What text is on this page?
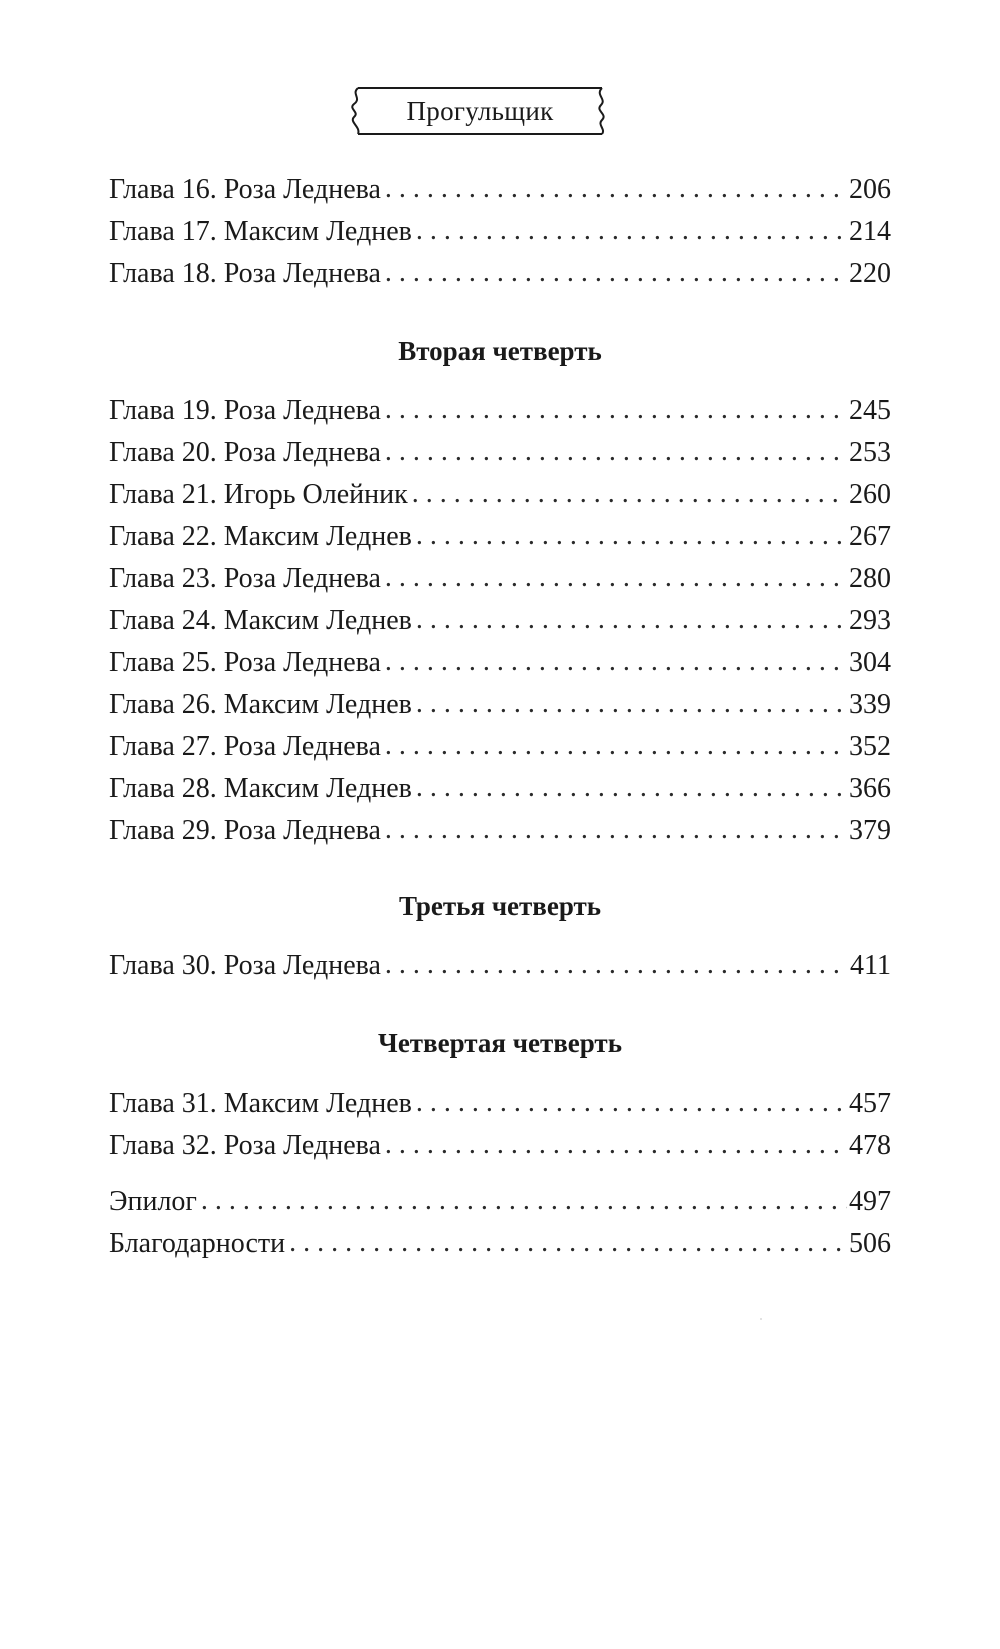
Прогульщик
Глава 16. Роза Леднева . . .	206
Глава 17. Максим Леднев . . .	214
Глава 18. Роза Леднева . . .	220
Вторая четверть
Глава 19. Роза Леднева . . .	245
Глава 20. Роза Леднева . . .	253
Глава 21. Игорь Олейник . . .	260
Глава 22. Максим Леднев . . .	267
Глава 23. Роза Леднева . . .	280
Глава 24. Максим Леднев . . .	293
Глава 25. Роза Леднева . . .	304
Глава 26. Максим Леднев . . .	339
Глава 27. Роза Леднева . . .	352
Глава 28. Максим Леднев . . .	366
Глава 29. Роза Леднева . . .	379
Третья четверть
Глава 30. Роза Леднева . . .	411
Четвертая четверть
Глава 31. Максим Леднев . . .	457
Глава 32. Роза Леднева . . .	478
Эпилог . . .	497
Благодарности . . .	506
